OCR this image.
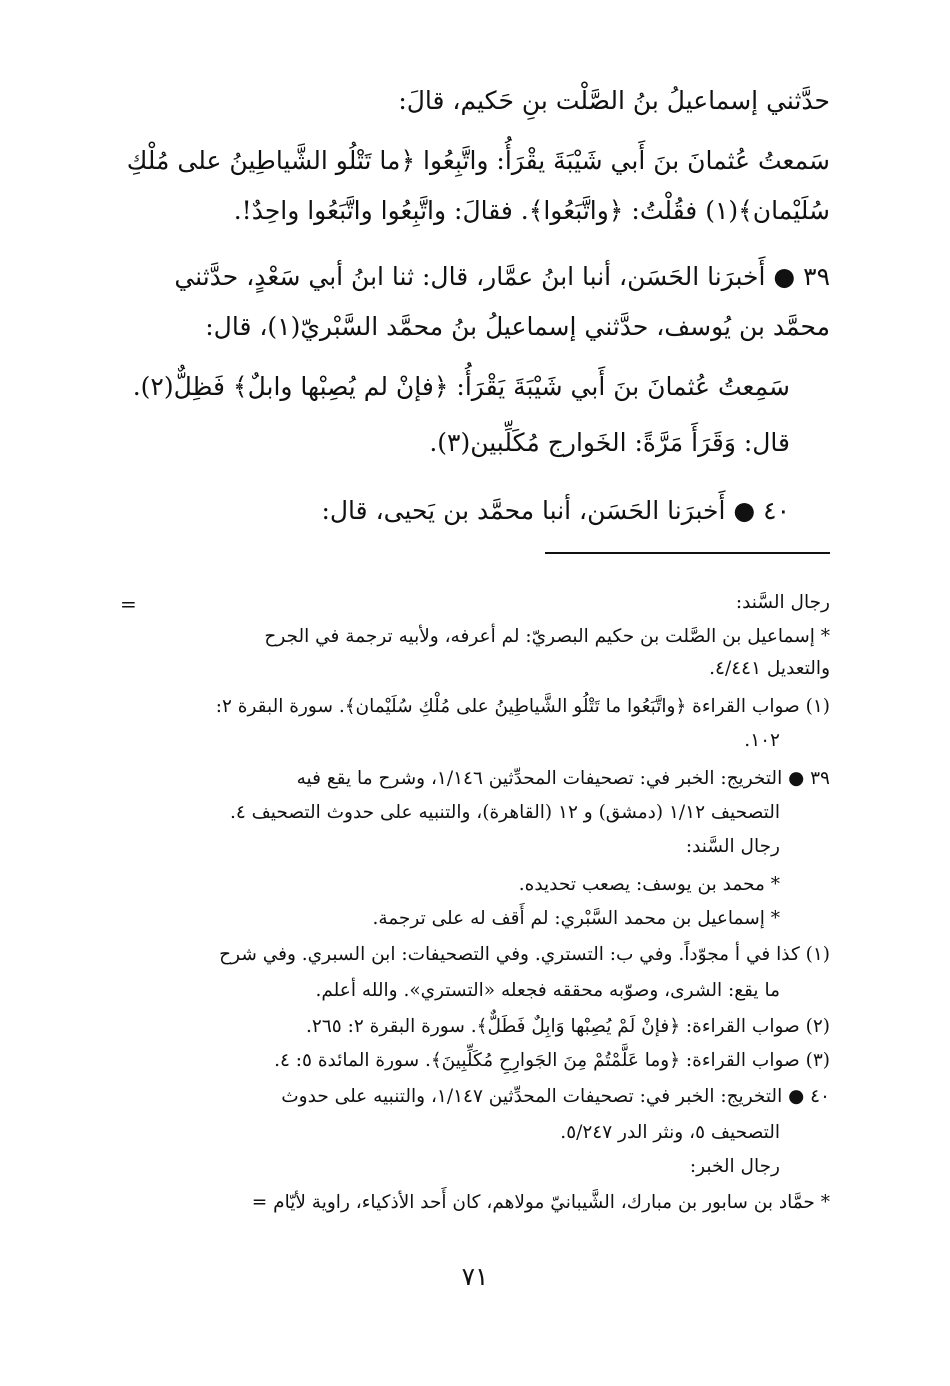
حدَّثني إسماعيلُ بنُ الصَّلْت بنِ حَكيم، قالَ:
سَمعتُ عُثمانَ بنَ أَبي شَيْبَةَ يقْرَأُ: واتَّبِعُوا ﴿ما تَتْلُو الشَّياطِينُ على مُلْكِ
سُلَيْمان﴾(١) فقُلْتُ: ﴿واتَّبَعُوا﴾. فقالَ: واتَّبِعُوا واتَّبَعُوا واحِدٌ!.
٣٩ ● أَخبرَنا الحَسَن، أنبا ابنُ عمَّار، قال: ثنا ابنُ أبي سَعْدٍ، حدَّثني
محمَّد بن يُوسف، حدَّثني إسماعيلُ بنُ محمَّد السَّبْريّ(١)، قال:
سَمِعتُ عُثمانَ بنَ أَبي شَيْبَةَ يَقْرَأُ: ﴿فإنْ لم يُصِبْها وابلٌ﴾ فَظِلٌّ(٢).
قال: وَقَرَأَ مَرَّةً: الخَوارج مُكَلِّبين(٣).
٤٠ ● أَخبرَنا الحَسَن، أنبا محمَّد بن يَحيى، قال:
=	رجال السَّند:
* إسماعيل بن الصَّلت بن حكيم البصريّ: لم أعرفه، ولأبيه ترجمة في الجرح
والتعديل ٤/٤٤١.
(١) صواب القراءة ﴿واتَّبَعُوا ما تَتْلُو الشَّياطِينُ على مُلْكِ سُلَيْمان﴾. سورة البقرة ٢:
١٠٢.
٣٩ ● التخريج: الخبر في: تصحيفات المحدِّثين ١/١٤٦، وشرح ما يقع فيه
التصحيف ١/١٢ (دمشق) و ١٢ (القاهرة)، والتنبيه على حدوث التصحيف ٤.
رجال السَّند:
* محمد بن يوسف: يصعب تحديده.
* إسماعيل بن محمد السَّبْري: لم أَقف له على ترجمة.
(١) كذا في أ مجوّداً. وفي ب: التستري. وفي التصحيفات: ابن السبري. وفي شرح
ما يقع: الشرى، وصوّبه محققه فجعله «التستري». والله أعلم.
(٢) صواب القراءة: ﴿فإنْ لَمْ يُصِبْها وَابِلٌ فَطَلٌّ﴾. سورة البقرة ٢: ٢٦٥.
(٣) صواب القراءة: ﴿وما عَلَّمْتُمْ مِنَ الجَوارِحِ مُكَلِّبِينَ﴾. سورة المائدة ٥: ٤.
٤٠ ● التخريج: الخبر في: تصحيفات المحدِّثين ١/١٤٧، والتنبيه على حدوث
التصحيف ٥، ونثر الدر ٥/٢٤٧.
رجال الخبر:
* حمَّاد بن سابور بن مبارك، الشَّيبانيّ مولاهم، كان أَحد الأذكياء، راوية لأيّام =
٧١
